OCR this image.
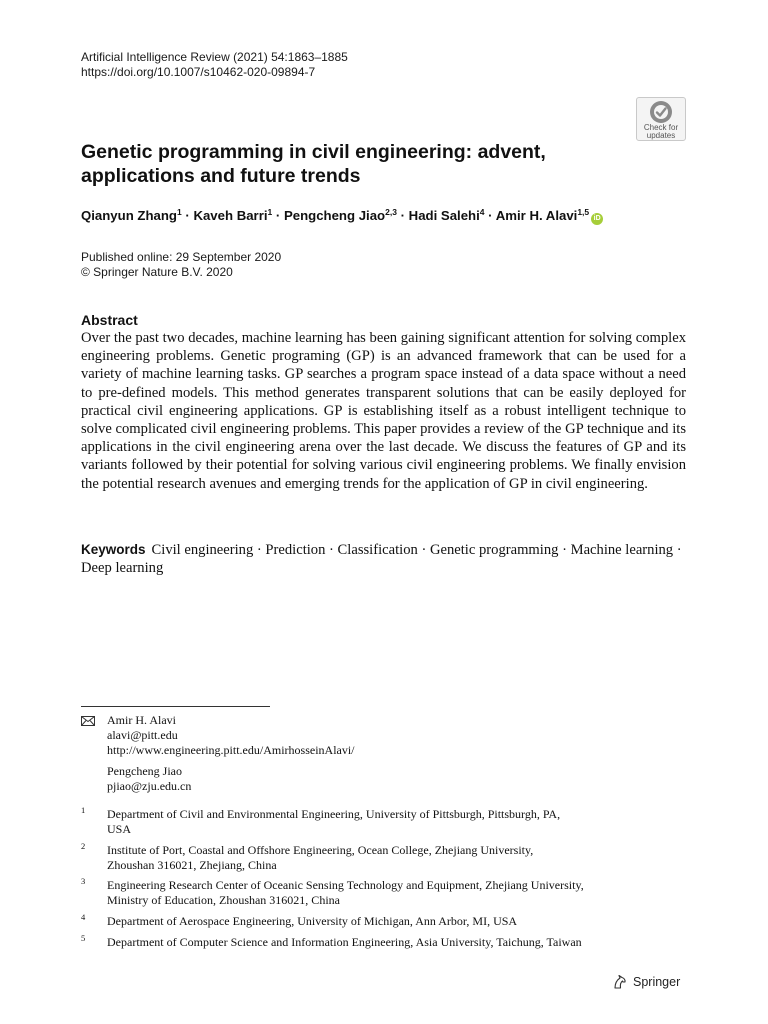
Artificial Intelligence Review (2021) 54:1863–1885
https://doi.org/10.1007/s10462-020-09894-7
Check for
updates
Genetic programming in civil engineering: advent,
applications and future trends
Qianyun Zhang$^1$ · Kaveh Barri$^1$ · Pengcheng Jiao$^{2,3}$ · Hadi Salehi$^4$ · Amir H. Alavi$^{1,5}$iD
Published online: 29 September 2020
© Springer Nature B.V. 2020
Abstract
Over the past two decades, machine learning has been gaining significant attention for solving complex engineering problems. Genetic programing (GP) is an advanced framework that can be used for a variety of machine learning tasks. GP searches a program space instead of a data space without a need to pre-defined models. This method generates transparent solutions that can be easily deployed for practical civil engineering applications. GP is establishing itself as a robust intelligent technique to solve complicated civil engineering problems. This paper provides a review of the GP technique and its applications in the civil engineering arena over the last decade. We discuss the features of GP and its variants followed by their potential for solving various civil engineering problems. We finally envision the potential research avenues and emerging trends for the application of GP in civil engineering.
Keywords Civil engineering · Prediction · Classification · Genetic programming · Machine learning · Deep learning
Amir H. Alavi
alavi@pitt.edu
http://www.engineering.pitt.edu/AmirhosseinAlavi/
Pengcheng Jiao
pjiao@zju.edu.cn
1 Department of Civil and Environmental Engineering, University of Pittsburgh, Pittsburgh, PA,
USA
2 Institute of Port, Coastal and Offshore Engineering, Ocean College, Zhejiang University,
Zhoushan 316021, Zhejiang, China
3 Engineering Research Center of Oceanic Sensing Technology and Equipment, Zhejiang University,
Ministry of Education, Zhoushan 316021, China
4 Department of Aerospace Engineering, University of Michigan, Ann Arbor, MI, USA
5 Department of Computer Science and Information Engineering, Asia University, Taichung, Taiwan
Springer
